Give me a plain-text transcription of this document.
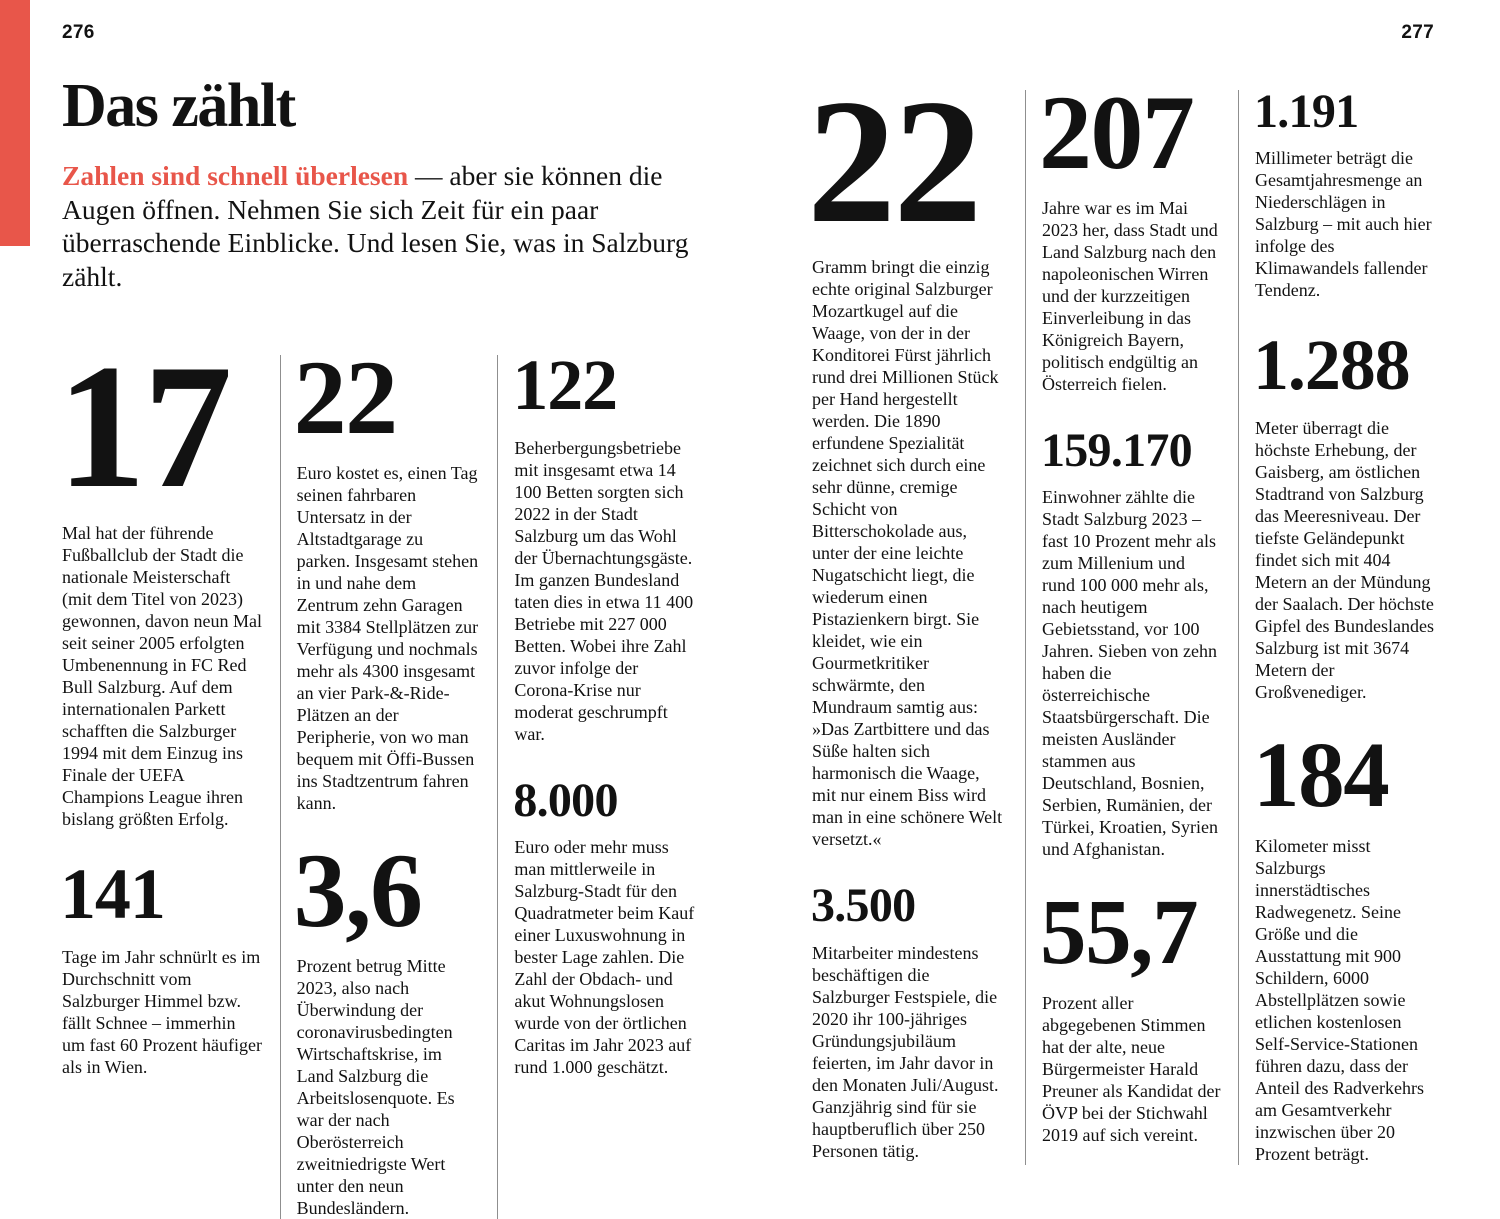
276
Das zählt

Zahlen sind schnell überlesen — aber sie können die Augen öffnen. Nehmen Sie sich Zeit für ein paar überraschende Einblicke. Und lesen Sie, was in Salzburg zählt.

17

Mal hat der führende Fußballclub der Stadt die nationale Meisterschaft (mit dem Titel von 2023) gewonnen, davon neun Mal seit seiner 2005 erfolgten Umbenennung in FC Red Bull Salzburg. Auf dem internationalen Parkett schafften die Salzburger 1994 mit dem Einzug ins Finale der UEFA Champions League ihren bislang größten Erfolg.

141

Tage im Jahr schnürlt es im Durchschnitt vom Salzburger Himmel bzw. fällt Schnee – immerhin um fast 60 Prozent häufiger als in Wien.

22

Euro kostet es, einen Tag seinen fahrbaren Untersatz in der Altstadtgarage zu parken. Insgesamt stehen in und nahe dem Zentrum zehn Garagen mit 3384 Stellplätzen zur Verfügung und nochmals mehr als 4300 insgesamt an vier Park-&-Ride-Plätzen an der Peripherie, von wo man bequem mit Öffi-Bussen ins Stadtzentrum fahren kann.

3,6

Prozent betrug Mitte 2023, also nach Überwindung der coronavirusbedingten Wirtschaftskrise, im Land Salzburg die Arbeitslosenquote. Es war der nach Oberösterreich zweitniedrigste Wert unter den neun Bundesländern.

122

Beherbergungsbetriebe mit insgesamt etwa 14 100 Betten sorgten sich 2022 in der Stadt Salzburg um das Wohl der Übernachtungsgäste. Im ganzen Bundesland taten dies in etwa 11 400 Betriebe mit 227 000 Betten. Wobei ihre Zahl zuvor infolge der Corona-Krise nur moderat geschrumpft war.

8.000

Euro oder mehr muss man mittlerweile in Salzburg-Stadt für den Quadratmeter beim Kauf einer Luxuswohnung in bester Lage zahlen. Die Zahl der Obdach- und akut Wohnungslosen wurde von der örtlichen Caritas im Jahr 2023 auf rund 1.000 geschätzt.

277
22

Gramm bringt die einzig echte original Salzburger Mozartkugel auf die Waage, von der in der Konditorei Fürst jährlich rund drei Millionen Stück per Hand hergestellt werden. Die 1890 erfundene Spezialität zeichnet sich durch eine sehr dünne, cremige Schicht von Bitterschokolade aus, unter der eine leichte Nugatschicht liegt, die wiederum einen Pistazienkern birgt. Sie kleidet, wie ein Gourmetkritiker schwärmte, den Mundraum samtig aus: »Das Zartbittere und das Süße halten sich harmonisch die Waage, mit nur einem Biss wird man in eine schönere Welt versetzt.«

3.500

Mitarbeiter mindestens beschäftigen die Salzburger Festspiele, die 2020 ihr 100-jähriges Gründungsjubiläum feierten, im Jahr davor in den Monaten Juli/August. Ganzjährig sind für sie hauptberuflich über 250 Personen tätig.

207

Jahre war es im Mai 2023 her, dass Stadt und Land Salzburg nach den napoleonischen Wirren und der kurzzeitigen Einverleibung in das Königreich Bayern, politisch endgültig an Österreich fielen.

159.170

Einwohner zählte die Stadt Salzburg 2023 – fast 10 Prozent mehr als zum Millenium und rund 100 000 mehr als, nach heutigem Gebietsstand, vor 100 Jahren. Sieben von zehn haben die österreichische Staatsbürgerschaft. Die meisten Ausländer stammen aus Deutschland, Bosnien, Serbien, Rumänien, der Türkei, Kroatien, Syrien und Afghanistan.

55,7

Prozent aller abgegebenen Stimmen hat der alte, neue Bürgermeister Harald Preuner als Kandidat der ÖVP bei der Stichwahl 2019 auf sich vereint.

1.191

Millimeter beträgt die Gesamtjahresmenge an Niederschlägen in Salzburg – mit auch hier infolge des Klimawandels fallender Tendenz.

1.288

Meter überragt die höchste Erhebung, der Gaisberg, am östlichen Stadtrand von Salzburg das Meeresniveau. Der tiefste Geländepunkt findet sich mit 404 Metern an der Mündung der Saalach. Der höchste Gipfel des Bundeslandes Salzburg ist mit 3674 Metern der Großvenediger.

184

Kilometer misst Salzburgs innerstädtisches Radwegenetz. Seine Größe und die Ausstattung mit 900 Schildern, 6000 Abstellplätzen sowie etlichen kostenlosen Self-Service-Stationen führen dazu, dass der Anteil des Radverkehrs am Gesamtverkehr inzwischen über 20 Prozent beträgt.
